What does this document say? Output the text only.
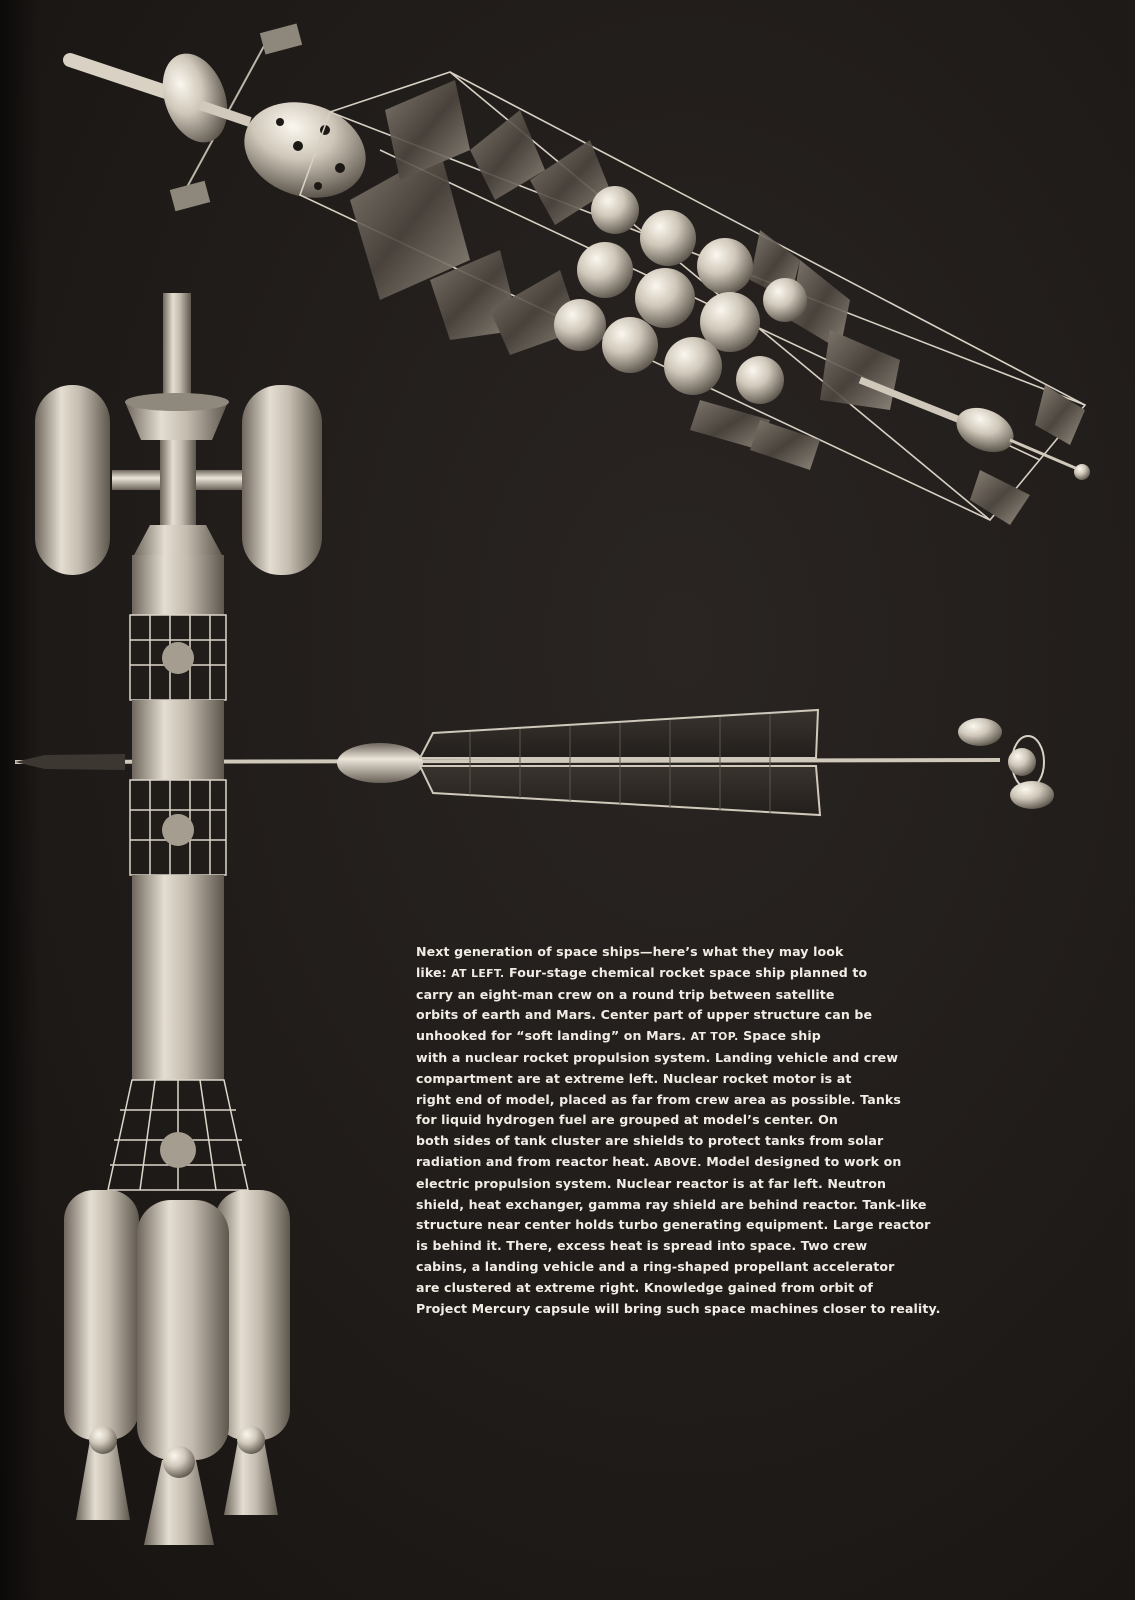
Next generation of space ships—here’s what they may look
like: AT LEFT. Four-stage chemical rocket space ship planned to
carry an eight-man crew on a round trip between satellite
orbits of earth and Mars. Center part of upper structure can be
unhooked for “soft landing” on Mars. AT TOP. Space ship
with a nuclear rocket propulsion system. Landing vehicle and crew
compartment are at extreme left. Nuclear rocket motor is at
right end of model, placed as far from crew area as possible. Tanks
for liquid hydrogen fuel are grouped at model’s center. On
both sides of tank cluster are shields to protect tanks from solar
radiation and from reactor heat. ABOVE. Model designed to work on
electric propulsion system. Nuclear reactor is at far left. Neutron
shield, heat exchanger, gamma ray shield are behind reactor. Tank-like
structure near center holds turbo generating equipment. Large reactor
is behind it. There, excess heat is spread into space. Two crew
cabins, a landing vehicle and a ring-shaped propellant accelerator
are clustered at extreme right. Knowledge gained from orbit of
Project Mercury capsule will bring such space machines closer to reality.
